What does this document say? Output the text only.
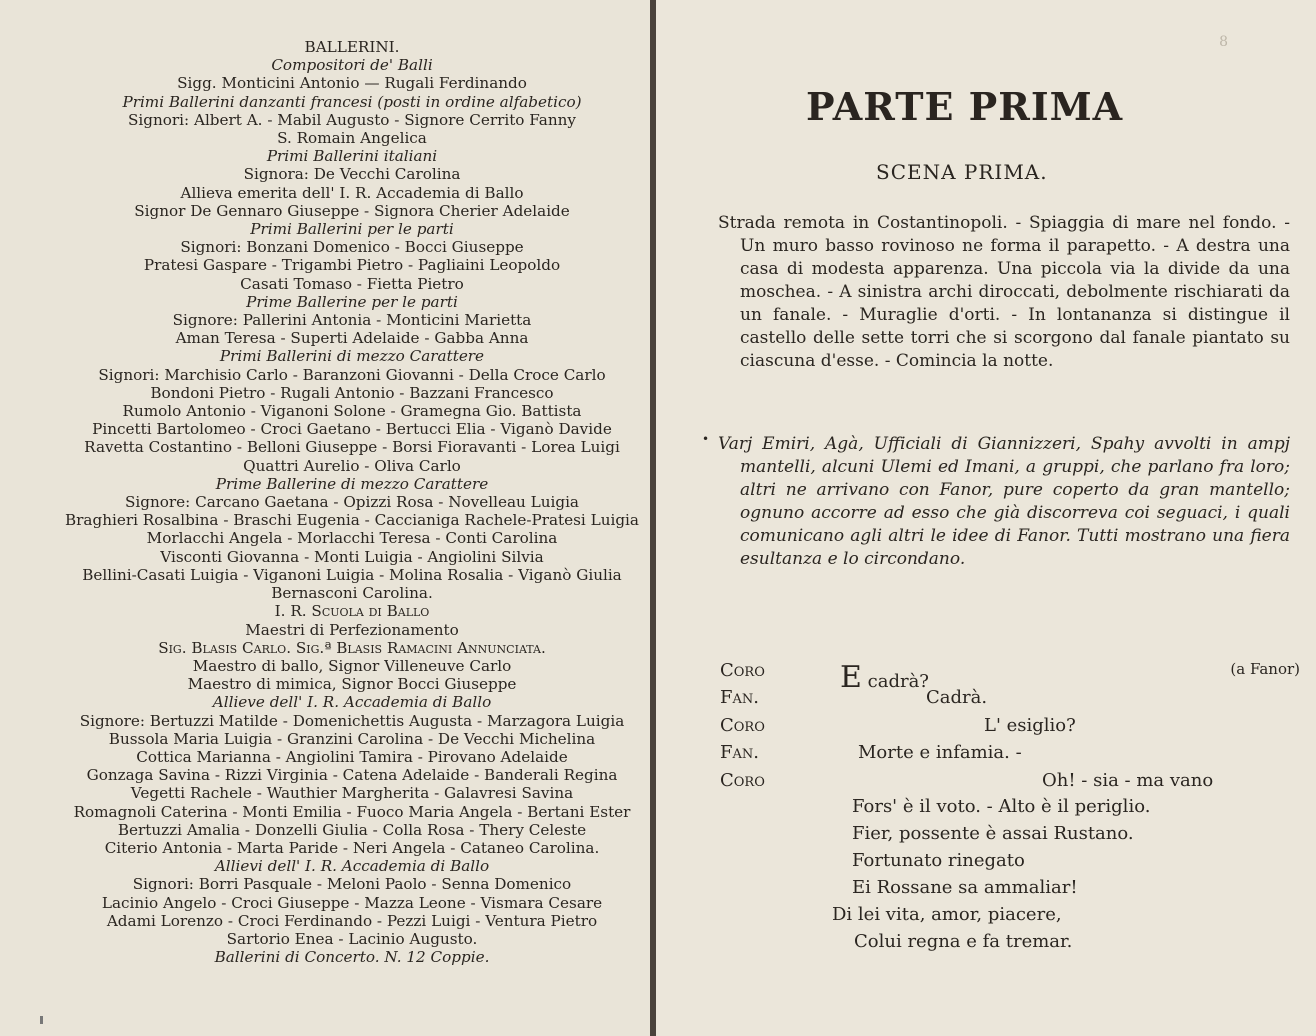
BALLERINI.
Compositori de' Balli
Sigg. Monticini Antonio — Rugali Ferdinando
Primi Ballerini danzanti francesi (posti in ordine alfabetico)
Signori: Albert A. - Mabil Augusto - Signore Cerrito Fanny
S. Romain Angelica
Primi Ballerini italiani
Signora: De Vecchi Carolina
Allieva emerita dell' I. R. Accademia di Ballo
Signor De Gennaro Giuseppe - Signora Cherier Adelaide
Primi Ballerini per le parti
Signori: Bonzani Domenico - Bocci Giuseppe
Pratesi Gaspare - Trigambi Pietro - Pagliaini Leopoldo
Casati Tomaso - Fietta Pietro
Prime Ballerine per le parti
Signore: Pallerini Antonia - Monticini Marietta
Aman Teresa - Superti Adelaide - Gabba Anna
Primi Ballerini di mezzo Carattere
Signori: Marchisio Carlo - Baranzoni Giovanni - Della Croce Carlo
Bondoni Pietro - Rugali Antonio - Bazzani Francesco
Rumolo Antonio - Viganoni Solone - Gramegna Gio. Battista
Pincetti Bartolomeo - Croci Gaetano - Bertucci Elia - Viganò Davide
Ravetta Costantino - Belloni Giuseppe - Borsi Fioravanti - Lorea Luigi
Quattri Aurelio - Oliva Carlo
Prime Ballerine di mezzo Carattere
Signore: Carcano Gaetana - Opizzi Rosa - Novelleau Luigia
Braghieri Rosalbina - Braschi Eugenia - Caccianiga Rachele-Pratesi Luigia
Morlacchi Angela - Morlacchi Teresa - Conti Carolina
Visconti Giovanna - Monti Luigia - Angiolini Silvia
Bellini-Casati Luigia - Viganoni Luigia - Molina Rosalia - Viganò Giulia
Bernasconi Carolina.
I. R. Scuola di Ballo
Maestri di Perfezionamento
Sig. Blasis Carlo. Sig.ª Blasis Ramacini Annunciata.
Maestro di ballo, Signor Villeneuve Carlo
Maestro di mimica, Signor Bocci Giuseppe
Allieve dell' I. R. Accademia di Ballo
Signore: Bertuzzi Matilde - Domenichettis Augusta - Marzagora Luigia
Bussola Maria Luigia - Granzini Carolina - De Vecchi Michelina
Cottica Marianna - Angiolini Tamira - Pirovano Adelaide
Gonzaga Savina - Rizzi Virginia - Catena Adelaide - Banderali Regina
Vegetti Rachele - Wauthier Margherita - Galavresi Savina
Romagnoli Caterina - Monti Emilia - Fuoco Maria Angela - Bertani Ester
Bertuzzi Amalia - Donzelli Giulia - Colla Rosa - Thery Celeste
Citerio Antonia - Marta Paride - Neri Angela - Cataneo Carolina.
Allievi dell' I. R. Accademia di Ballo
Signori: Borri Pasquale - Meloni Paolo - Senna Domenico
Lacinio Angelo - Croci Giuseppe - Mazza Leone - Vismara Cesare
Adami Lorenzo - Croci Ferdinando - Pezzi Luigi - Ventura Pietro
Sartorio Enea - Lacinio Augusto.
Ballerini di Concerto. N. 12 Coppie.
8
PARTE PRIMA
SCENA PRIMA.

Strada remota in Costantinopoli. - Spiaggia di mare nel fondo. - Un muro basso rovinoso ne forma il parapetto. - A destra una casa di modesta apparenza. Una piccola via la divide da una moschea. - A sinistra archi diroccati, debolmente rischiarati da un fanale. - Muraglie d'orti. - In lontananza si distingue il castello delle sette torri che si scorgono dal fanale piantato su ciascuna d'esse. - Comincia la notte.

• Varj Emiri, Agà, Ufficiali di Giannizzeri, Spahy avvolti in ampj mantelli, alcuni Ulemi ed Imani, a gruppi, che parlano fra loro; altri ne arrivano con Fanor, pure coperto da gran mantello; ognuno accorre ad esso che già discorreva coi seguaci, i quali comunicano agli altri le idee di Fanor. Tutti mostrano una fiera esultanza e lo circondano.

Coro	E cadrà?
(a Fanor)
Fan.	Cadrà.
Coro	L' esiglio?
Fan.	Morte e infamia. -
Coro	Oh! - sia - ma vano
Fors' è il voto. - Alto è il periglio.
Fier, possente è assai Rustano.
Fortunato rinegato
Ei Rossane sa ammaliar!
Di lei vita, amor, piacere,
Colui regna e fa tremar.
